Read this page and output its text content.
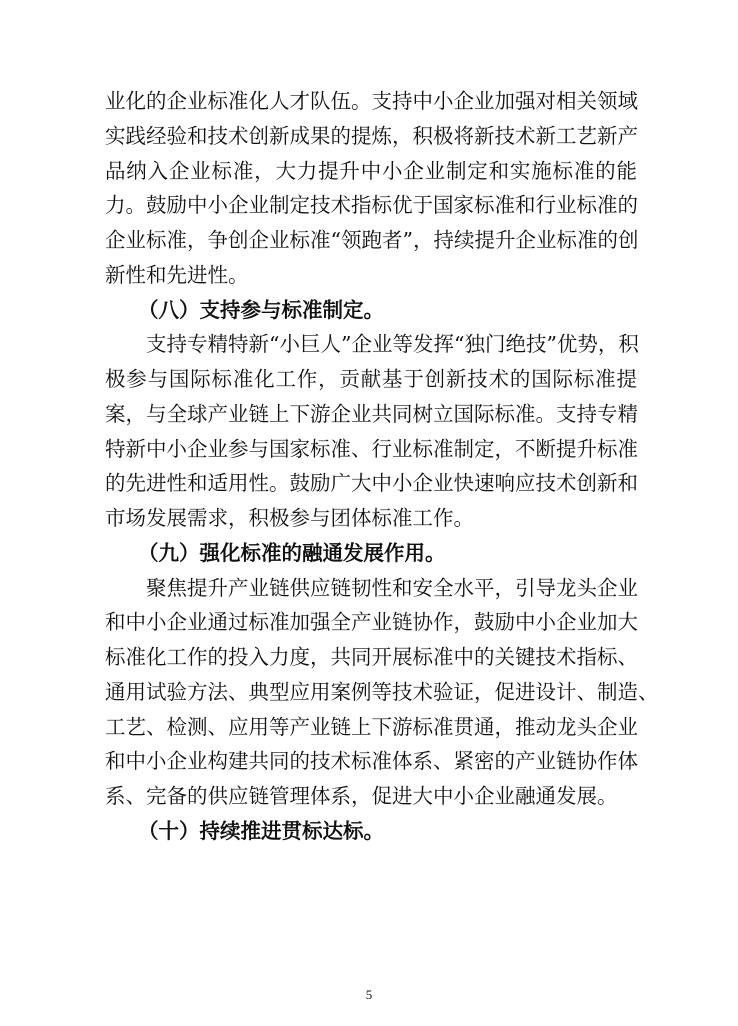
业化的企业标准化人才队伍。支持中小企业加强对相关领域
实践经验和技术创新成果的提炼，积极将新技术新工艺新产
品纳入企业标准，大力提升中小企业制定和实施标准的能
力。鼓励中小企业制定技术指标优于国家标准和行业标准的
企业标准，争创企业标准“领跑者”，持续提升企业标准的创
新性和先进性。
（八）支持参与标准制定。
支持专精特新“小巨人”企业等发挥“独门绝技”优势，积
极参与国际标准化工作，贡献基于创新技术的国际标准提
案，与全球产业链上下游企业共同树立国际标准。支持专精
特新中小企业参与国家标准、行业标准制定，不断提升标准
的先进性和适用性。鼓励广大中小企业快速响应技术创新和
市场发展需求，积极参与团体标准工作。
（九）强化标准的融通发展作用。
聚焦提升产业链供应链韧性和安全水平，引导龙头企业
和中小企业通过标准加强全产业链协作，鼓励中小企业加大
标准化工作的投入力度，共同开展标准中的关键技术指标、
通用试验方法、典型应用案例等技术验证，促进设计、制造、
工艺、检测、应用等产业链上下游标准贯通，推动龙头企业
和中小企业构建共同的技术标准体系、紧密的产业链协作体
系、完备的供应链管理体系，促进大中小企业融通发展。
（十）持续推进贯标达标。
5
